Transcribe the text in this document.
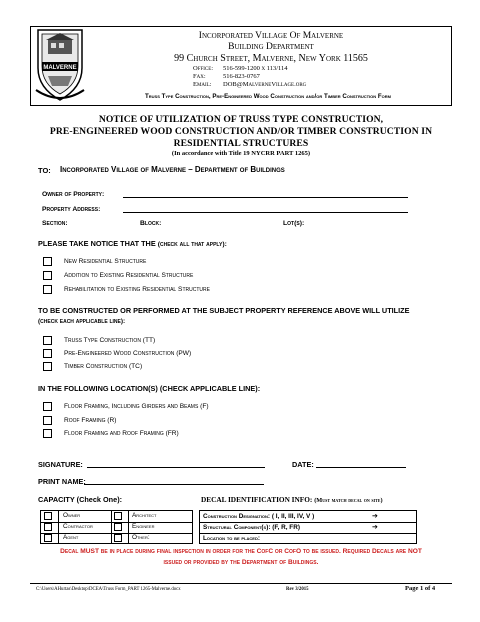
MALVERNE
Incorporated Village Of Malverne
Building Department
99 Church Street, Malverne, New York 11565
Office: 516-599-1200 x 113/114
Fax:	516-823-0767
Email: DOB@MalverneVillage.org
Truss Type Construction, Pre-Engineered Wood Construction and/or Timber Construction Form
NOTICE OF UTILIZATION OF TRUSS TYPE CONSTRUCTION,
PRE-ENGINEERED WOOD CONSTRUCTION AND/OR TIMBER CONSTRUCTION IN
RESIDENTIAL STRUCTURES
(In accordance with Title 19 NYCRR PART 1265)
TO: Incorporated Village of Malverne – Department of Buildings
Owner of Property:
Property Address:
Section:	Block:	Lot(s):
PLEASE TAKE NOTICE THAT THE (check all that apply):
New Residential Structure
Addition to Existing Residential Structure
Rehabilitation to Existing Residential Structure
TO BE CONSTRUCTED OR PERFORMED AT THE SUBJECT PROPERTY REFERENCE ABOVE WILL UTILIZE
(check each applicable line):
Truss Type Construction (TT)
Pre-Engineered Wood Construction (PW)
Timber Construction (TC)
IN THE FOLLOWING LOCATION(S) (CHECK APPLICABLE LINE):
Floor Framing, Including Girders and Beams (F)
Roof Framing (R)
Floor Framing and Roof Framing (FR)
SIGNATURE:	DATE:
PRINT NAME:
CAPACITY (Check One):
Owner	Architect
Contractor	Engineer
Agent	Other:
DECAL IDENTIFICATION INFO: (Must match decal on site)
Construction Designation: ( I, II, III, IV, V )	➔
Structural Component(s): (F, R, FR)	➔
Location to be placed:
Decal MUST be in place during final inspection in order for the CofC or CofO to be issued. Required Decals are NOT
issued or provided by the Department of Buildings.
C:\Users\AHurtas\Desktop\DCEA\Truss Form_PART 1265-Malverne.docx	Rev 3/2015	Page 1 of 4
